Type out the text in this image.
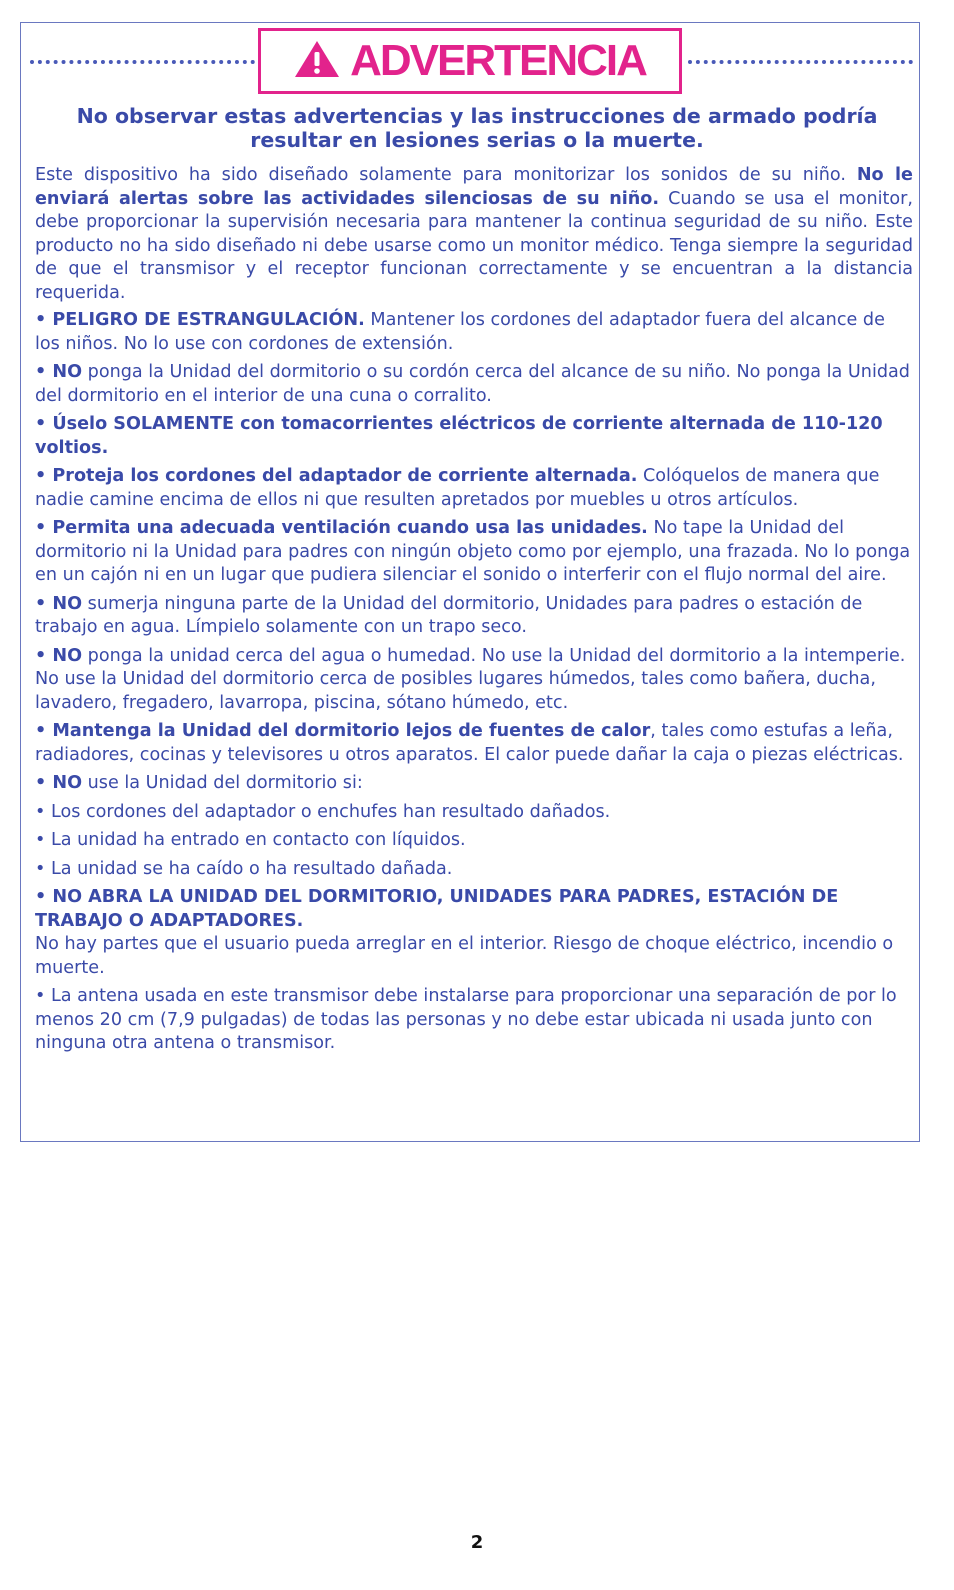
ADVERTENCIA
No observar estas advertencias y las instrucciones de armado podría resultar en lesiones serias o la muerte.

Este dispositivo ha sido diseñado solamente para monitorizar los sonidos de su niño. No le enviará alertas sobre las actividades silenciosas de su niño. Cuando se usa el monitor, debe proporcionar la supervisión necesaria para mantener la continua seguridad de su niño. Este producto no ha sido diseñado ni debe usarse como un monitor médico. Tenga siempre la seguridad de que el transmisor y el receptor funcionan correctamente y se encuentran a la distancia requerida.

• PELIGRO DE ESTRANGULACIÓN. Mantener los cordones del adaptador fuera del alcance de los niños. No lo use con cordones de extensión.

• NO ponga la Unidad del dormitorio o su cordón cerca del alcance de su niño. No ponga la Unidad del dormitorio en el interior de una cuna o corralito.

• Úselo SOLAMENTE con tomacorrientes eléctricos de corriente alternada de 110-120 voltios.

• Proteja los cordones del adaptador de corriente alternada. Colóquelos de manera que nadie camine encima de ellos ni que resulten apretados por muebles u otros artículos.

• Permita una adecuada ventilación cuando usa las unidades. No tape la Unidad del dormitorio ni la Unidad para padres con ningún objeto como por ejemplo, una frazada. No lo ponga en un cajón ni en un lugar que pudiera silenciar el sonido o interferir con el flujo normal del aire.

• NO sumerja ninguna parte de la Unidad del dormitorio, Unidades para padres o estación de trabajo en agua. Límpielo solamente con un trapo seco.

• NO ponga la unidad cerca del agua o humedad. No use la Unidad del dormitorio a la intemperie. No use la Unidad del dormitorio cerca de posibles lugares húmedos, tales como bañera, ducha, lavadero, fregadero, lavarropa, piscina, sótano húmedo, etc.

• Mantenga la Unidad del dormitorio lejos de fuentes de calor, tales como estufas a leña, radiadores, cocinas y televisores u otros aparatos. El calor puede dañar la caja o piezas eléctricas.

• NO use la Unidad del dormitorio si:

• Los cordones del adaptador o enchufes han resultado dañados.

• La unidad ha entrado en contacto con líquidos.

• La unidad se ha caído o ha resultado dañada.

• NO ABRA LA UNIDAD DEL DORMITORIO, UNIDADES PARA PADRES, ESTACIÓN DE TRABAJO O ADAPTADORES.

No hay partes que el usuario pueda arreglar en el interior. Riesgo de choque eléctrico, incendio o muerte.

• La antena usada en este transmisor debe instalarse para proporcionar una separación de por lo menos 20 cm (7,9 pulgadas) de todas las personas y no debe estar ubicada ni usada junto con ninguna otra antena o transmisor.

2
